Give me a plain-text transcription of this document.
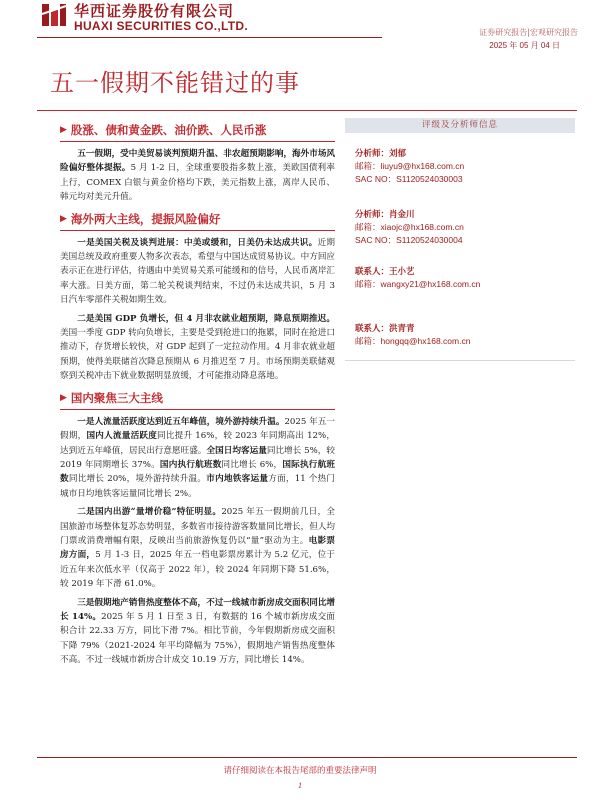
华西证券股份有限公司
HUAXI SECURITIES CO.,LTD.	证券研究报告|宏观研究报告
2025 年 05 月 04 日
五一假期不能错过的事
▶ 股涨、债和黄金跌、油价跌、人民币涨

五一假期，受中美贸易谈判预期升温、非农超预期影响，海外市场风险偏好整体提振。5 月 1-2 日，全球重要股指多数上涨，美欧国债利率上行，COMEX 白银与黄金价格均下跌，美元指数上涨，离岸人民币、韩元均对美元升值。

▶ 海外两大主线，提振风险偏好

一是美国关税及谈判进展：中美或缓和，日美仍未达成共识。近期美国总统及政府重要人物多次表态，希望与中国达成贸易协议。中方回应表示正在进行评估，待遇由中美贸易关系可能缓和的信号，人民币离岸汇率大涨。日美方面，第二轮关税谈判结束，不过仍未达成共识，5 月 3 日汽车零部件关税如期生效。

二是美国 GDP 负增长，但 4 月非农就业超预期，降息预期推迟。美国一季度 GDP 转向负增长，主要是受到抢进口的拖累，同时在抢进口推动下，存货增长较快，对 GDP 起到了一定拉动作用。4 月非农就业超预期，使得美联储首次降息预期从 6 月推迟至 7 月。市场预期美联储观察到关税冲击下就业数据明显放缓，才可能推动降息落地。

▶ 国内聚焦三大主线

一是人流量活跃度达到近五年峰值，境外游持续升温。2025 年五一假期，国内人流量活跃度同比提升 16%，较 2023 年同期高出 12%，达到近五年峰值，居民出行意愿旺盛。全国日均客运量同比增长 5%，较 2019 年同期增长 37%。国内执行航班数同比增长 6%，国际执行航班数同比增长 20%，境外游持续升温。市内地铁客运量方面，11 个热门城市日均地铁客运量同比增长 2%。

二是国内出游“量增价稳”特征明显。2025 年五一假期前几日，全国旅游市场整体复苏态势明显，多数省市接待游客数量同比增长，但人均门票或消费增幅有限，反映出当前旅游恢复仍以“量”驱动为主。电影票房方面，5 月 1-3 日，2025 年五一档电影票房累计为 5.2 亿元，位于近五年来次低水平（仅高于 2022 年），较 2024 年同期下降 51.6%，较 2019 年下滑 61.0%。

三是假期地产销售热度整体不高，不过一线城市新房成交面积同比增长 14%。2025 年 5 月 1 日至 3 日，有数据的 16 个城市新房成交面积合计 22.33 万方，同比下滑 7%。相比节前，今年假期新房成交面积下降 79%（2021-2024 年平均降幅为 75%），假期地产销售热度整体不高。不过一线城市新房合计成交 10.19 万方，同比增长 14%。

评级及分析师信息
分析师：刘郁
邮箱：liuyu9@hx168.com.cn
SAC NO：S1120524030003
分析师：肖金川
邮箱：xiaojc@hx168.com.cn
SAC NO：S1120524030004
联系人：王小艺
邮箱：wangxy21@hx168.com.cn
联系人：洪青青
邮箱：hongqq@hx168.com.cn
请仔细阅读在本报告尾部的重要法律声明
1
